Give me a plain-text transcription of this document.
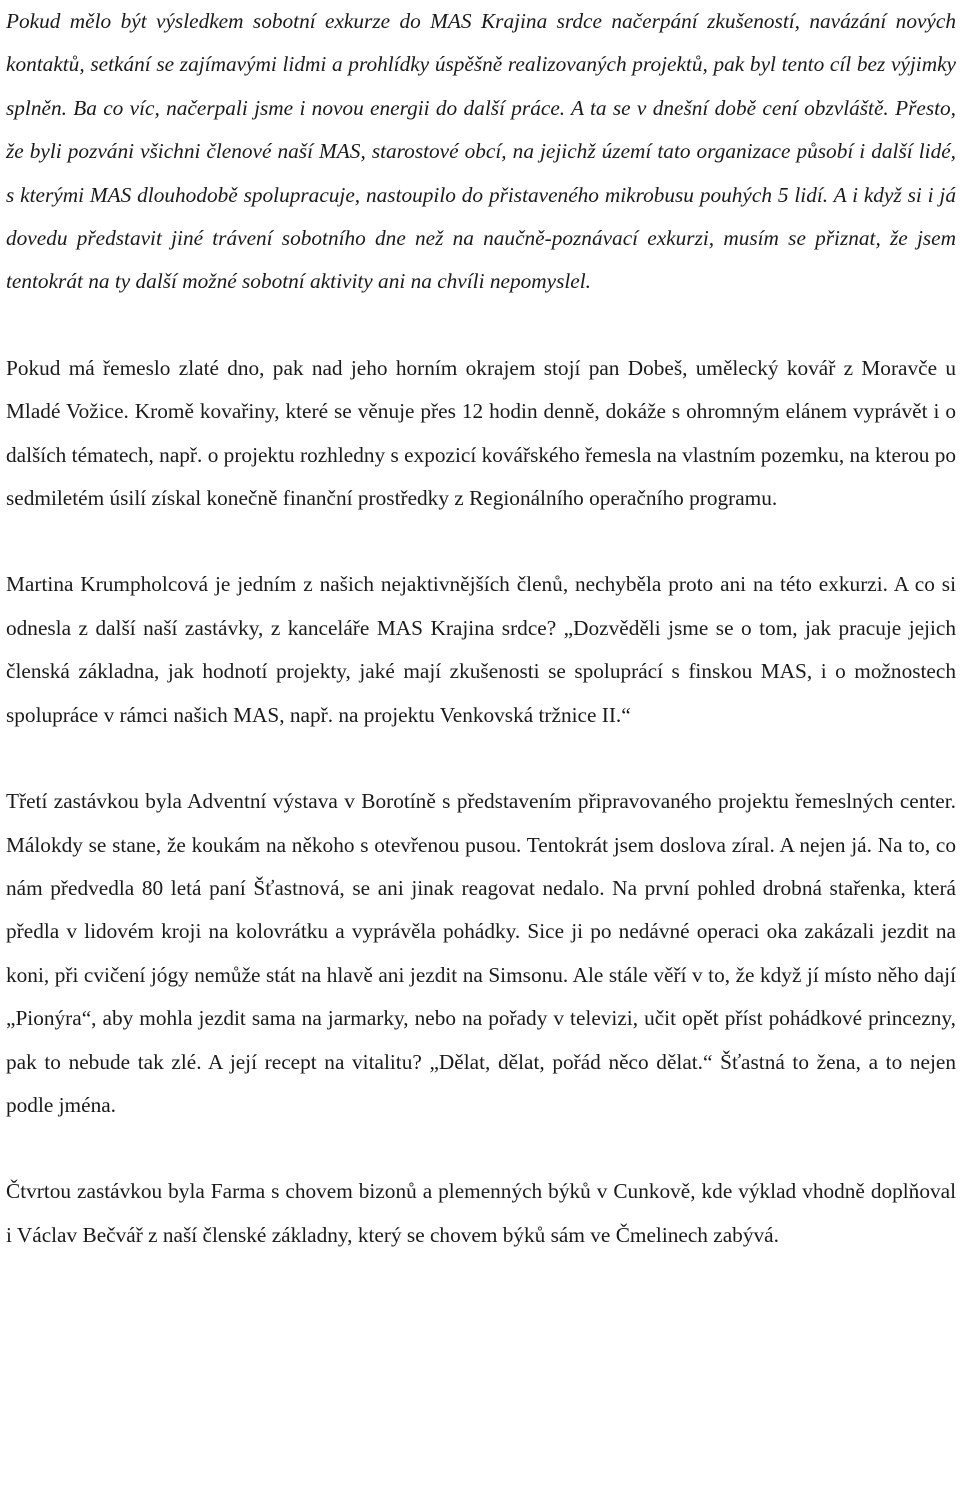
Pokud mělo být výsledkem sobotní exkurze do MAS Krajina srdce načerpání zkušeností, navázání nových kontaktů, setkání se zajímavými lidmi a prohlídky úspěšně realizovaných projektů, pak byl tento cíl bez výjimky splněn. Ba co víc, načerpali jsme i novou energii do další práce. A ta se v dnešní době cení obzvláště. Přesto, že byli pozváni všichni členové naší MAS, starostové obcí, na jejichž území tato organizace působí i další lidé, s kterými MAS dlouhodobě spolupracuje, nastoupilo do přistaveného mikrobusu pouhých 5 lidí. A i když si i já dovedu představit jiné trávení sobotního dne než na naučně-poznávací exkurzi, musím se přiznat, že jsem tentokrát na ty další možné sobotní aktivity ani na chvíli nepomyslel.

Pokud má řemeslo zlaté dno, pak nad jeho horním okrajem stojí pan Dobeš, umělecký kovář z Moravče u Mladé Vožice. Kromě kovařiny, které se věnuje přes 12 hodin denně, dokáže s ohromným elánem vyprávět i o dalších tématech, např. o projektu rozhledny s expozicí kovářského řemesla na vlastním pozemku, na kterou po sedmiletém úsilí získal konečně finanční prostředky z Regionálního operačního programu.

Martina Krumpholcová je jedním z našich nejaktivnějších členů, nechyběla proto ani na této exkurzi. A co si odnesla z další naší zastávky, z kanceláře MAS Krajina srdce? „Dozvěděli jsme se o tom, jak pracuje jejich členská základna, jak hodnotí projekty, jaké mají zkušenosti se spoluprácí s finskou MAS, i o možnostech spolupráce v rámci našich MAS, např. na projektu Venkovská tržnice II.“

Třetí zastávkou byla Adventní výstava v Borotíně s představením připravovaného projektu řemeslných center. Málokdy se stane, že koukám na někoho s otevřenou pusou. Tentokrát jsem doslova zíral. A nejen já. Na to, co nám předvedla 80 letá paní Šťastnová, se ani jinak reagovat nedalo. Na první pohled drobná stařenka, která předla v lidovém kroji na kolovrátku a vyprávěla pohádky. Sice ji po nedávné operaci oka zakázali jezdit na koni, při cvičení jógy nemůže stát na hlavě ani jezdit na Simsonu. Ale stále věří v to, že když jí místo něho dají „Pionýra“, aby mohla jezdit sama na jarmarky, nebo na pořady v televizi, učit opět příst pohádkové princezny, pak to nebude tak zlé. A její recept na vitalitu? „Dělat, dělat, pořád něco dělat.“ Šťastná to žena, a to nejen podle jména.

Čtvrtou zastávkou byla Farma s chovem bizonů a plemenných býků v Cunkově, kde výklad vhodně doplňoval i Václav Bečvář z naší členské základny, který se chovem býků sám ve Čmelinech zabývá.
